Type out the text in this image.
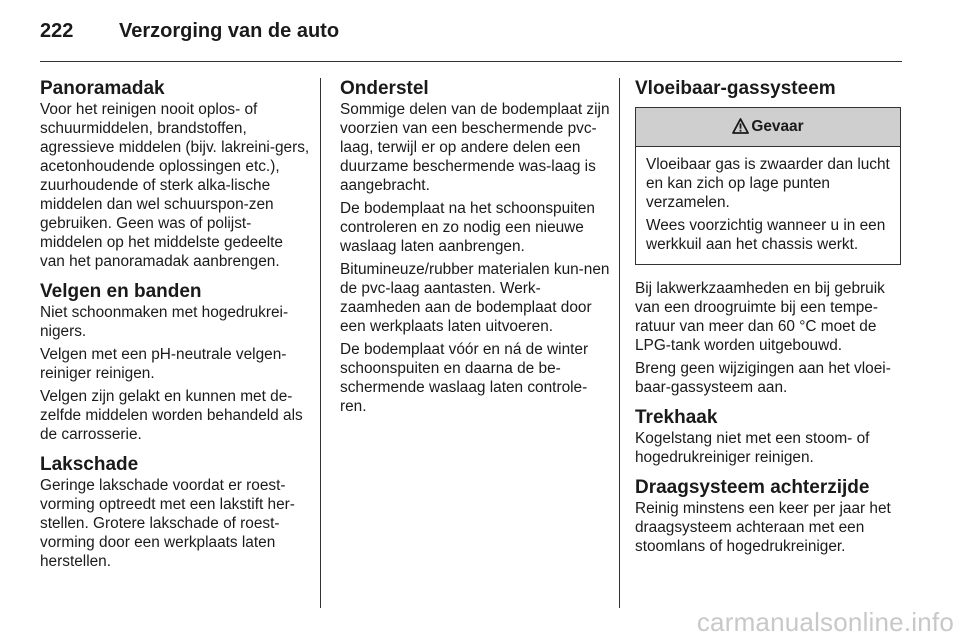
222 Verzorging van de auto
Panoramadak

Voor het reinigen nooit oplos- of schuurmiddelen, brandstoffen, agressieve middelen (bijv. lakreini-gers, acetonhoudende oplossingen etc.), zuurhoudende of sterk alka-lische middelen dan wel schuurspon-zen gebruiken. Geen was of polijst-middelen op het middelste gedeelte van het panoramadak aanbrengen.

Velgen en banden

Niet schoonmaken met hogedrukrei-nigers.

Velgen met een pH-neutrale velgen-reiniger reinigen.

Velgen zijn gelakt en kunnen met de-zelfde middelen worden behandeld als de carrosserie.

Lakschade

Geringe lakschade voordat er roest-vorming optreedt met een lakstift her-stellen. Grotere lakschade of roest-vorming door een werkplaats laten herstellen.

Onderstel

Sommige delen van de bodemplaat zijn voorzien van een beschermende pvc-laag, terwijl er op andere delen een duurzame beschermende was-laag is aangebracht.

De bodemplaat na het schoonspuiten controleren en zo nodig een nieuwe waslaag laten aanbrengen.

Bitumineuze/rubber materialen kun-nen de pvc-laag aantasten. Werk-zaamheden aan de bodemplaat door een werkplaats laten uitvoeren.

De bodemplaat vóór en ná de winter schoonspuiten en daarna de be-schermende waslaag laten controle-ren.

Vloeibaar-gassysteem
Gevaar

Vloeibaar gas is zwaarder dan lucht en kan zich op lage punten verzamelen.

Wees voorzichtig wanneer u in een werkkuil aan het chassis werkt.

Bij lakwerkzaamheden en bij gebruik van een droogruimte bij een tempe-ratuur van meer dan 60 °C moet de LPG-tank worden uitgebouwd.

Breng geen wijzigingen aan het vloei-baar-gassysteem aan.

Trekhaak

Kogelstang niet met een stoom- of hogedrukreiniger reinigen.

Draagsysteem achterzijde

Reinig minstens een keer per jaar het draagsysteem achteraan met een stoomlans of hogedrukreiniger.

carmanualsonline.info
